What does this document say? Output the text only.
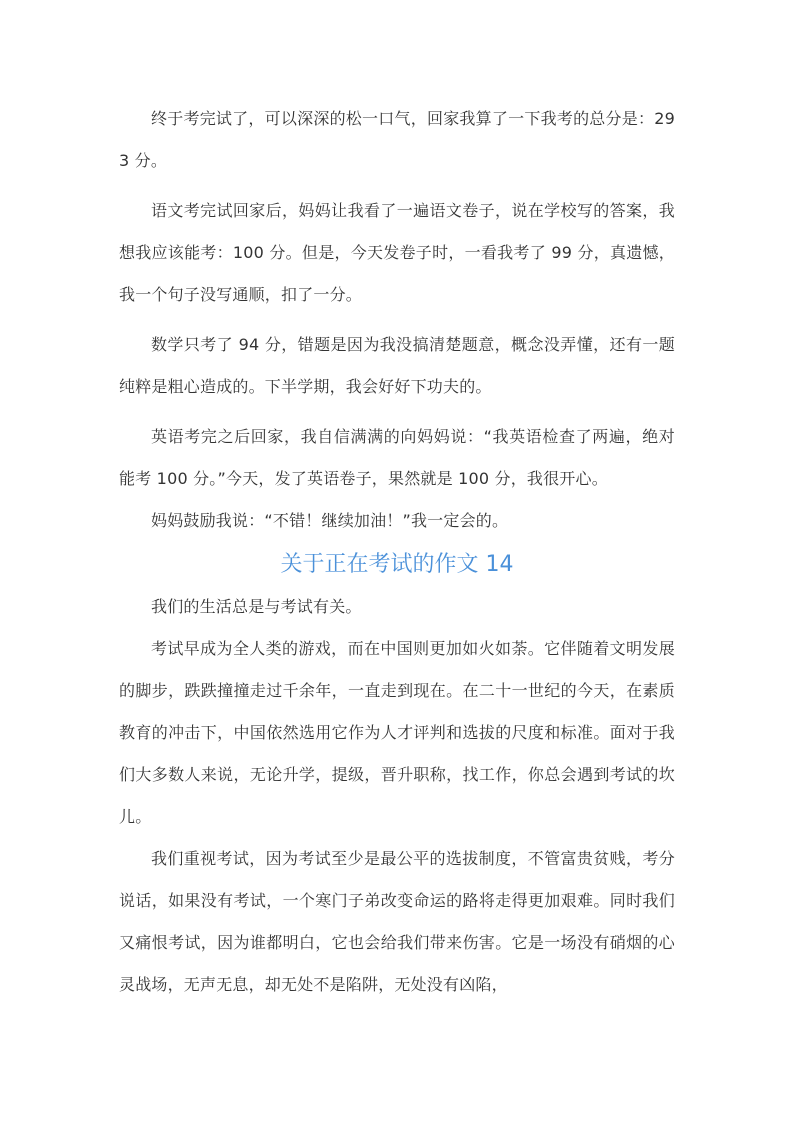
终于考完试了，可以深深的松一口气，回家我算了一下我考的总分是：293 分。

语文考完试回家后，妈妈让我看了一遍语文卷子，说在学校写的答案，我想我应该能考：100 分。但是，今天发卷子时，一看我考了 99 分，真遗憾，我一个句子没写通顺，扣了一分。

数学只考了 94 分，错题是因为我没搞清楚题意，概念没弄懂，还有一题纯粹是粗心造成的。下半学期，我会好好下功夫的。

英语考完之后回家，我自信满满的向妈妈说：“我英语检查了两遍，绝对能考 100 分。”今天，发了英语卷子，果然就是 100 分，我很开心。

妈妈鼓励我说：“不错！继续加油！”我一定会的。

关于正在考试的作文 14

我们的生活总是与考试有关。

考试早成为全人类的游戏，而在中国则更加如火如荼。它伴随着文明发展的脚步，跌跌撞撞走过千余年，一直走到现在。在二十一世纪的今天，在素质教育的冲击下，中国依然选用它作为人才评判和选拔的尺度和标准。面对于我们大多数人来说，无论升学，提级，晋升职称，找工作，你总会遇到考试的坎儿。

我们重视考试，因为考试至少是最公平的选拔制度，不管富贵贫贱，考分说话，如果没有考试，一个寒门子弟改变命运的路将走得更加艰难。同时我们又痛恨考试，因为谁都明白，它也会给我们带来伤害。它是一场没有硝烟的心灵战场，无声无息，却无处不是陷阱，无处没有凶陷，
